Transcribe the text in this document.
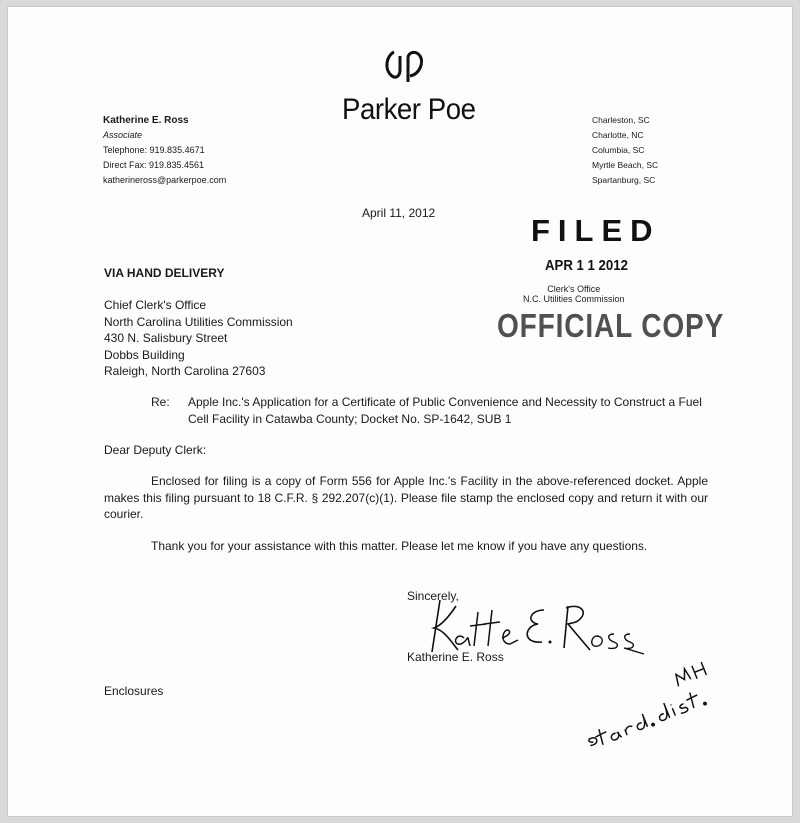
Parker Poe
Katherine E. Ross
Associate
Telephone: 919.835.4671
Direct Fax: 919.835.4561
katherineross@parkerpoe.com
Charleston, SC
Charlotte, NC
Columbia, SC
Myrtle Beach, SC
Spartanburg, SC
April 11, 2012	FILED
APR 1 1 2012
Clerk's Office
N.C. Utilities Commission
OFFICIAL COPY
VIA HAND DELIVERY
Chief Clerk's Office
North Carolina Utilities Commission
430 N. Salisbury Street
Dobbs Building
Raleigh, North Carolina 27603
Re: Apple Inc.'s Application for a Certificate of Public Convenience and Necessity to Construct a Fuel Cell Facility in Catawba County; Docket No. SP-1642, SUB 1
Dear Deputy Clerk:
Enclosed for filing is a copy of Form 556 for Apple Inc.'s Facility in the above-referenced docket. Apple makes this filing pursuant to 18 C.F.R. § 292.207(c)(1). Please file stamp the enclosed copy and return it with our courier.
Thank you for your assistance with this matter. Please let me know if you have any questions.
Sincerely,
Katherine E. Ross
Enclosures
